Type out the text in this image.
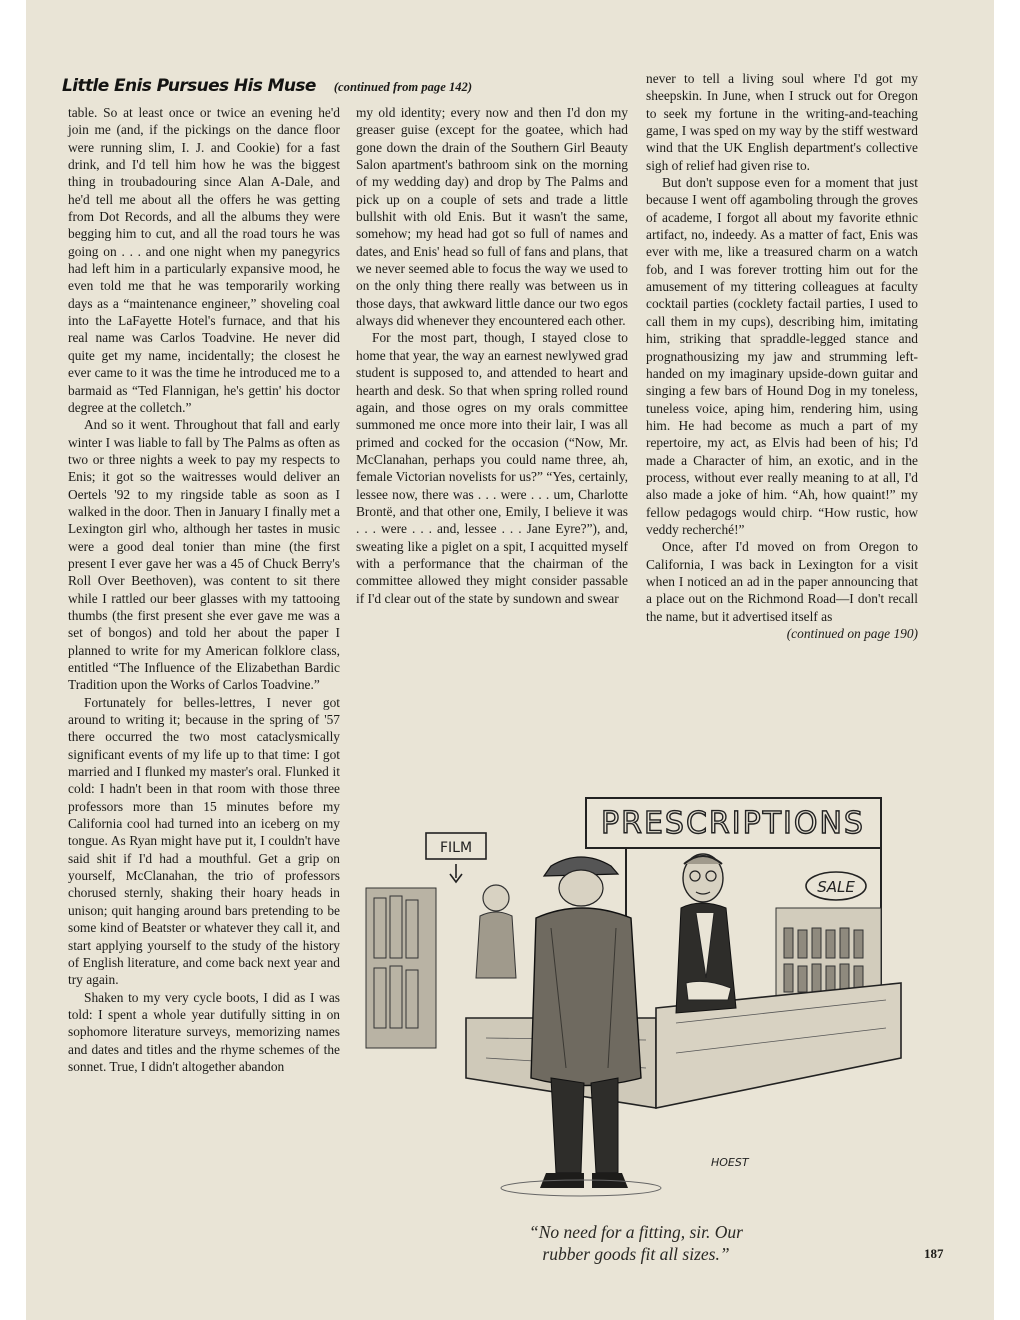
Little Enis Pursues His Muse (continued from page 142)

table. So at least once or twice an evening he'd join me (and, if the pickings on the dance floor were running slim, I. J. and Cookie) for a fast drink, and I'd tell him how he was the biggest thing in troubadouring since Alan A-Dale, and he'd tell me about all the offers he was getting from Dot Records, and all the albums they were begging him to cut, and all the road tours he was going on . . . and one night when my panegyrics had left him in a particularly expansive mood, he even told me that he was temporarily working days as a “maintenance engineer,” shoveling coal into the LaFayette Hotel's furnace, and that his real name was Carlos Toadvine. He never did quite get my name, incidentally; the closest he ever came to it was the time he introduced me to a barmaid as “Ted Flannigan, he's gettin' his doctor degree at the colletch.”

And so it went. Throughout that fall and early winter I was liable to fall by The Palms as often as two or three nights a week to pay my respects to Enis; it got so the waitresses would deliver an Oertels '92 to my ringside table as soon as I walked in the door. Then in January I finally met a Lexington girl who, although her tastes in music were a good deal tonier than mine (the first present I ever gave her was a 45 of Chuck Berry's Roll Over Beethoven), was content to sit there while I rattled our beer glasses with my tattooing thumbs (the first present she ever gave me was a set of bongos) and told her about the paper I planned to write for my American folklore class, entitled “The Influence of the Elizabethan Bardic Tradition upon the Works of Carlos Toadvine.”

Fortunately for belles-lettres, I never got around to writing it; because in the spring of '57 there occurred the two most cataclysmically significant events of my life up to that time: I got married and I flunked my master's oral. Flunked it cold: I hadn't been in that room with those three professors more than 15 minutes before my California cool had turned into an iceberg on my tongue. As Ryan might have put it, I couldn't have said shit if I'd had a mouthful. Get a grip on yourself, McClanahan, the trio of professors chorused sternly, shaking their hoary heads in unison; quit hanging around bars pretending to be some kind of Beatster or whatever they call it, and start applying yourself to the study of the history of English literature, and come back next year and try again.

Shaken to my very cycle boots, I did as I was told: I spent a whole year dutifully sitting in on sophomore literature surveys, memorizing names and dates and titles and the rhyme schemes of the sonnet. True, I didn't altogether abandon

my old identity; every now and then I'd don my greaser guise (except for the goatee, which had gone down the drain of the Southern Girl Beauty Salon apartment's bathroom sink on the morning of my wedding day) and drop by The Palms and pick up on a couple of sets and trade a little bullshit with old Enis. But it wasn't the same, somehow; my head had got so full of names and dates, and Enis' head so full of fans and plans, that we never seemed able to focus the way we used to on the only thing there really was between us in those days, that awkward little dance our two egos always did whenever they encountered each other.

For the most part, though, I stayed close to home that year, the way an earnest newlywed grad student is supposed to, and attended to heart and hearth and desk. So that when spring rolled round again, and those ogres on my orals committee summoned me once more into their lair, I was all primed and cocked for the occasion (“Now, Mr. McClanahan, perhaps you could name three, ah, female Victorian novelists for us?” “Yes, certainly, lessee now, there was . . . were . . . um, Charlotte Brontë, and that other one, Emily, I believe it was . . . were . . . and, lessee . . . Jane Eyre?”), and, sweating like a piglet on a spit, I acquitted myself with a performance that the chairman of the committee allowed they might consider passable if I'd clear out of the state by sundown and swear

never to tell a living soul where I'd got my sheepskin. In June, when I struck out for Oregon to seek my fortune in the writing-and-teaching game, I was sped on my way by the stiff westward wind that the UK English department's collective sigh of relief had given rise to.

But don't suppose even for a moment that just because I went off agamboling through the groves of academe, I forgot all about my favorite ethnic artifact, no, indeedy. As a matter of fact, Enis was ever with me, like a treasured charm on a watch fob, and I was forever trotting him out for the amusement of my tittering colleagues at faculty cocktail parties (cocklety factail parties, I used to call them in my cups), describing him, imitating him, striking that spraddle-legged stance and prognathousizing my jaw and strumming left-handed on my imaginary upside-down guitar and singing a few bars of Hound Dog in my toneless, tuneless voice, aping him, rendering him, using him. He had become as much a part of my repertoire, my act, as Elvis had been of his; I'd made a Character of him, an exotic, and in the process, without ever really meaning to at all, I'd also made a joke of him. “Ah, how quaint!” my fellow pedagogs would chirp. “How rustic, how veddy recherché!”

Once, after I'd moved on from Oregon to California, I was back in Lexington for a visit when I noticed an ad in the paper announcing that a place out on the Richmond Road—I don't recall the name, but it advertised itself as

(continued on page 190)
PRESCRIPTIONS
SALE
FILM
HOEST
“No need for a fitting, sir. Our
rubber goods fit all sizes.”	187
